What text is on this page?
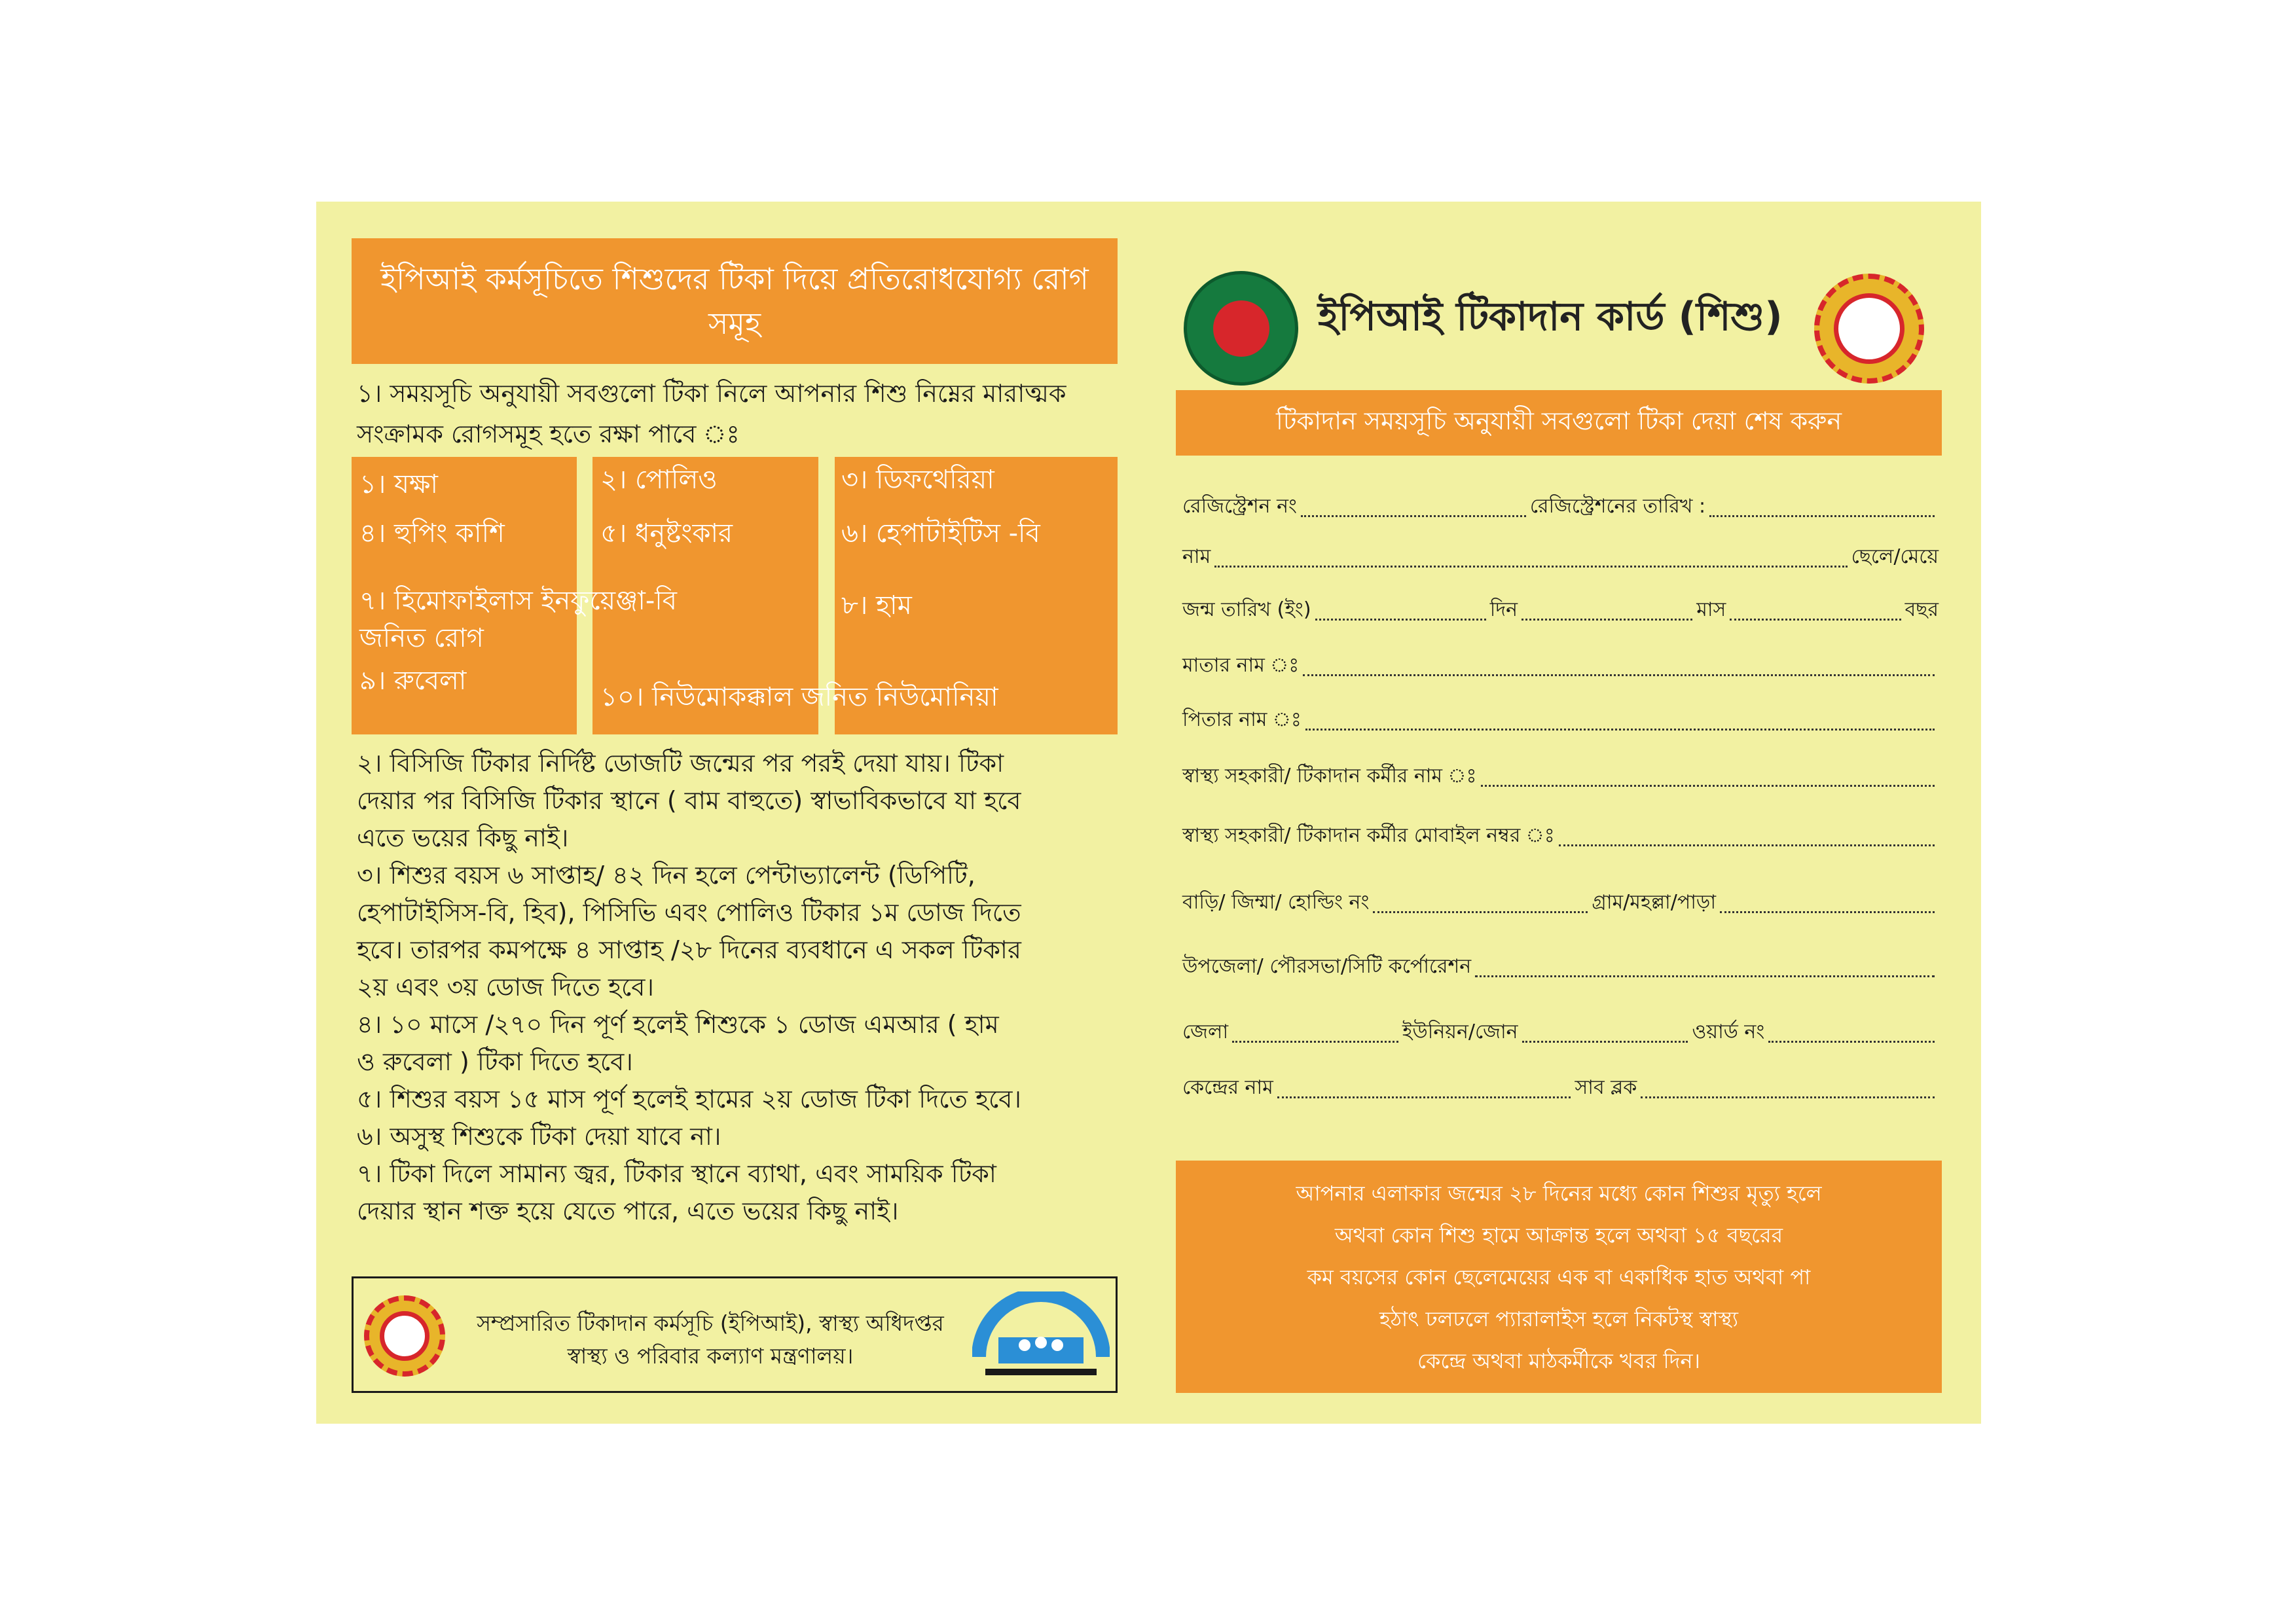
ইপিআই কর্মসূচিতে শিশুদের টিকা দিয়ে প্রতিরোধযোগ্য রোগ সমূহ
১। সময়সূচি অনুযায়ী সবগুলো টিকা নিলে আপনার শিশু নিম্নের মারাত্মক
সংক্রামক রোগসমূহ হতে রক্ষা পাবে ঃ
১। যক্ষা	২। পোলিও	৩। ডিফথেরিয়া
৪। হুপিং কাশি	৫। ধনুষ্টংকার	৬। হেপাটাইটিস -বি
৭। হিমোফাইলাস ইনফুয়েঞ্জা-বি
জনিত রোগ
৮। হাম
৯। রুবেলা
১০। নিউমোকক্কাল জনিত নিউমোনিয়া

২। বিসিজি টিকার নির্দিষ্ট ডোজটি জন্মের পর পরই দেয়া যায়। টিকা

দেয়ার পর বিসিজি টিকার স্থানে ( বাম বাহুতে) স্বাভাবিকভাবে যা হবে

এতে ভয়ের কিছু নাই।

৩। শিশুর বয়স ৬ সাপ্তাহ/ ৪২ দিন হলে পেন্টাভ্যালেন্ট (ডিপিটি,

হেপাটাইসিস-বি, হিব), পিসিভি এবং পোলিও টিকার ১ম ডোজ দিতে

হবে। তারপর কমপক্ষে ৪ সাপ্তাহ /২৮ দিনের ব্যবধানে এ সকল টিকার

২য় এবং ৩য় ডোজ দিতে হবে।

৪। ১০ মাসে /২৭০ দিন পূর্ণ হলেই শিশুকে ১ ডোজ এমআর ( হাম

ও রুবেলা ) টিকা দিতে হবে।

৫। শিশুর বয়স ১৫ মাস পূর্ণ হলেই হামের ২য় ডোজ টিকা দিতে হবে।

৬। অসুস্থ শিশুকে টিকা দেয়া যাবে না।

৭। টিকা দিলে সামান্য জ্বর, টিকার স্থানে ব্যাথা, এবং সাময়িক টিকা

দেয়ার স্থান শক্ত হয়ে যেতে পারে, এতে ভয়ের কিছু নাই।

সম্প্রসারিত টিকাদান কর্মসূচি (ইপিআই), স্বাস্থ্য অধিদপ্তর
স্বাস্থ্য ও পরিবার কল্যাণ মন্ত্রণালয়।
ইপিআই টিকাদান কার্ড (শিশু)
টিকাদান সময়সূচি অনুযায়ী সবগুলো টিকা দেয়া শেষ করুন
রেজিস্ট্রেশন নং	রেজিস্ট্রেশনের তারিখ :
নাম	ছেলে/মেয়ে
জন্ম তারিখ (ইং)	দিন	মাস	বছর
মাতার নাম ঃ
পিতার নাম ঃ
স্বাস্থ্য সহকারী/ টিকাদান কর্মীর নাম ঃ
স্বাস্থ্য সহকারী/ টিকাদান কর্মীর মোবাইল নম্বর ঃ
বাড়ি/ জিম্মা/ হোল্ডিং নং	গ্রাম/মহল্লা/পাড়া
উপজেলা/ পৌরসভা/সিটি কর্পোরেশন
জেলা	ইউনিয়ন/জোন	ওয়ার্ড নং
কেন্দ্রের নাম	সাব ব্লক
আপনার এলাকার জন্মের ২৮ দিনের মধ্যে কোন শিশুর মৃত্যু হলে
অথবা কোন শিশু হামে আক্রান্ত হলে অথবা ১৫ বছরের
কম বয়সের কোন ছেলেমেয়ের এক বা একাধিক হাত অথবা পা
হঠাৎ ঢলঢলে প্যারালাইস হলে নিকটস্থ স্বাস্থ্য
কেন্দ্রে অথবা মাঠকর্মীকে খবর দিন।
